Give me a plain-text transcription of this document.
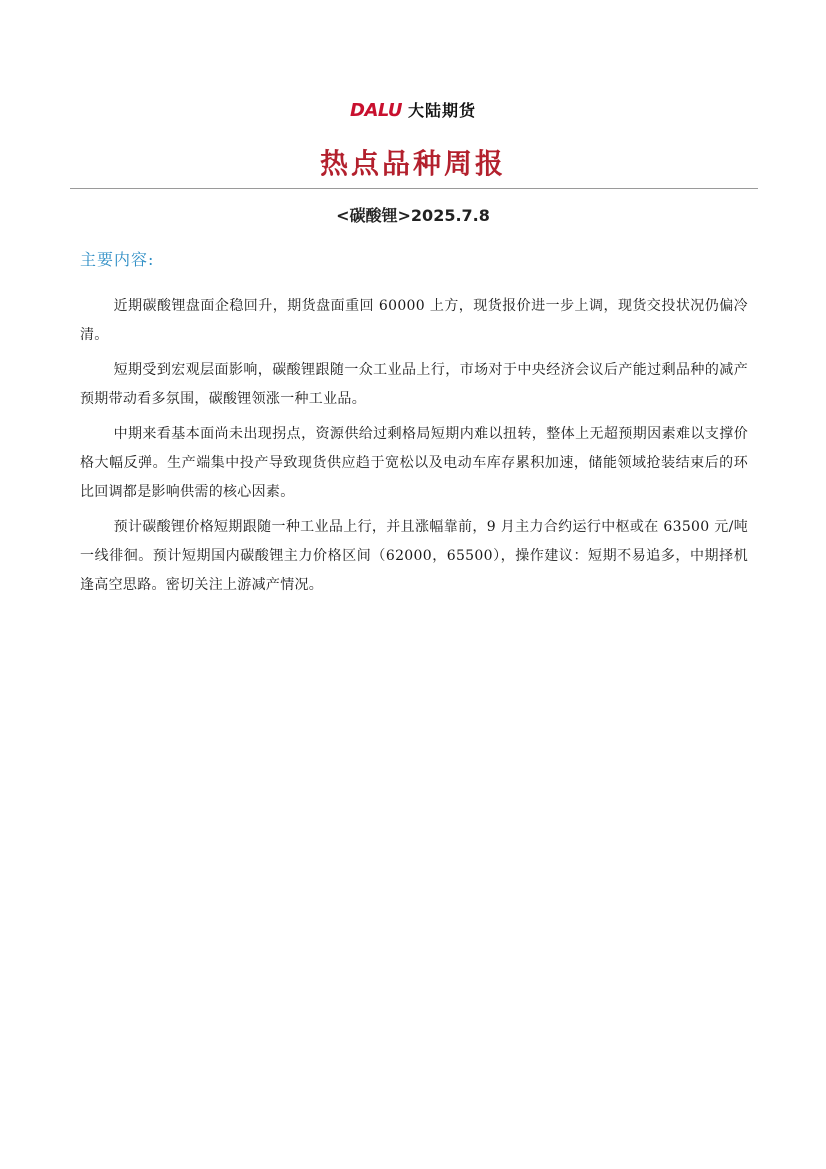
DALU 大陆期货
热点品种周报
<碳酸锂>2025.7.8
主要内容:

近期碳酸锂盘面企稳回升，期货盘面重回 60000 上方，现货报价进一步上调，现货交投状况仍偏冷清。

短期受到宏观层面影响，碳酸锂跟随一众工业品上行，市场对于中央经济会议后产能过剩品种的减产预期带动看多氛围，碳酸锂领涨一种工业品。

中期来看基本面尚未出现拐点，资源供给过剩格局短期内难以扭转，整体上无超预期因素难以支撑价格大幅反弹。生产端集中投产导致现货供应趋于宽松以及电动车库存累积加速，储能领域抢装结束后的环比回调都是影响供需的核心因素。

预计碳酸锂价格短期跟随一种工业品上行，并且涨幅靠前，9 月主力合约运行中枢或在 63500 元/吨一线徘徊。预计短期国内碳酸锂主力价格区间（62000，65500），操作建议：短期不易追多，中期择机逢高空思路。密切关注上游减产情况。
